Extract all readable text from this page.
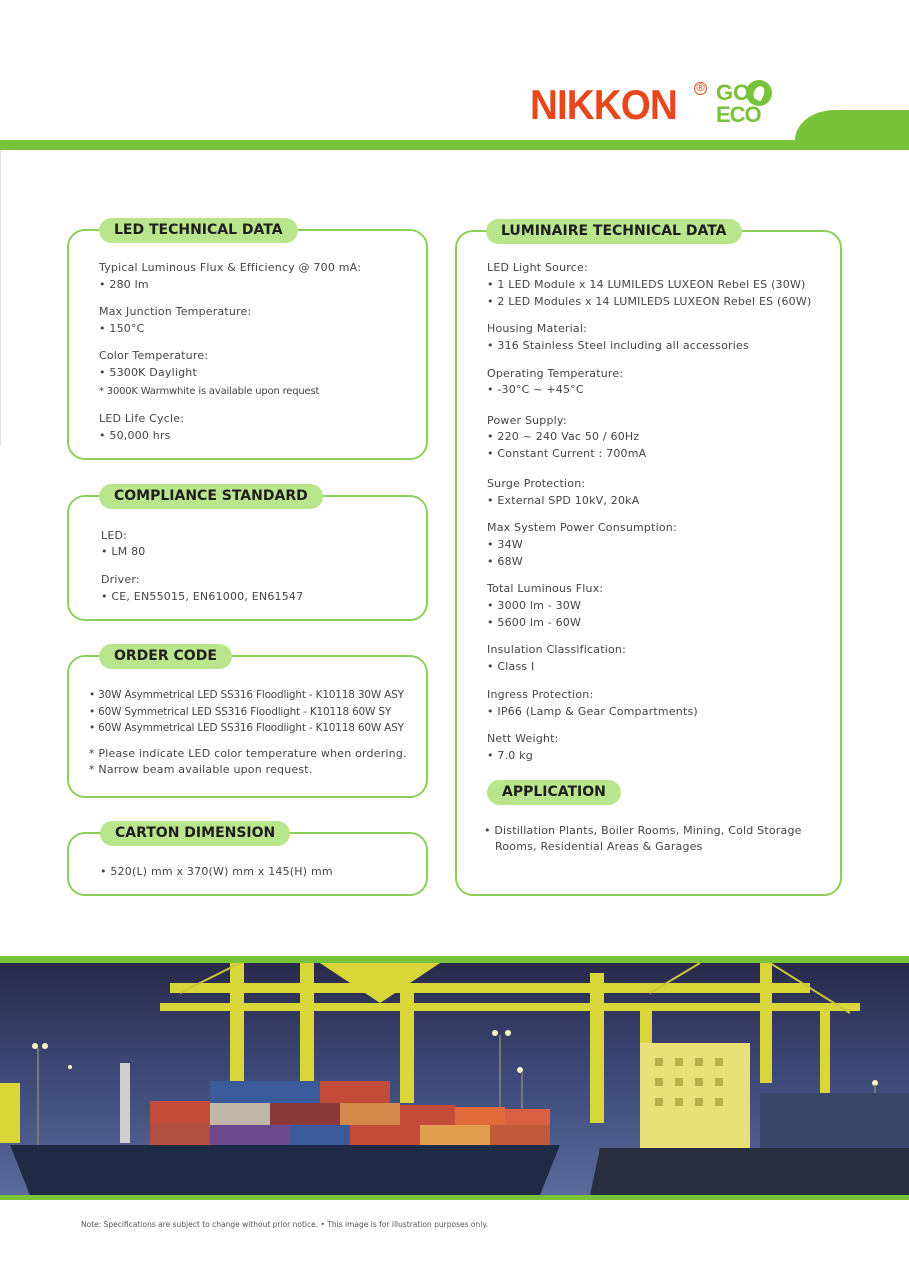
NIKKON ® GO
ECO
LED TECHNICAL DATA
Typical Luminous Flux & Efficiency @ 700 mA:
• 280 lm
Max Junction Temperature:
• 150°C
Color Temperature:
• 5300K Daylight
* 3000K Warmwhite is available upon request
LED Life Cycle:
• 50,000 hrs
COMPLIANCE STANDARD
LED:
• LM 80
Driver:
• CE, EN55015, EN61000, EN61547
ORDER CODE
• 30W Asymmetrical LED SS316 Floodlight - K10118 30W ASY
• 60W Symmetrical LED SS316 Floodlight - K10118 60W SY
• 60W Asymmetrical LED SS316 Floodlight - K10118 60W ASY
* Please indicate LED color temperature when ordering.
* Narrow beam available upon request.
CARTON DIMENSION
• 520(L) mm x 370(W) mm x 145(H) mm
LUMINAIRE TECHNICAL DATA
LED Light Source:
• 1 LED Module x 14 LUMILEDS LUXEON Rebel ES (30W)
• 2 LED Modules x 14 LUMILEDS LUXEON Rebel ES (60W)
Housing Material:
• 316 Stainless Steel including all accessories
Operating Temperature:
• -30°C ~ +45°C
Power Supply:
• 220 ~ 240 Vac 50 / 60Hz
• Constant Current : 700mA
Surge Protection:
• External SPD 10kV, 20kA
Max System Power Consumption:
• 34W
• 68W
Total Luminous Flux:
• 3000 lm - 30W
• 5600 lm - 60W
Insulation Classification:
• Class I
Ingress Protection:
• IP66 (Lamp & Gear Compartments)
Nett Weight:
• 7.0 kg
APPLICATION
• Distillation Plants, Boiler Rooms, Mining, Cold Storage
Rooms, Residential Areas & Garages
Note: Specifications are subject to change without prior notice. • This image is for illustration purposes only.
